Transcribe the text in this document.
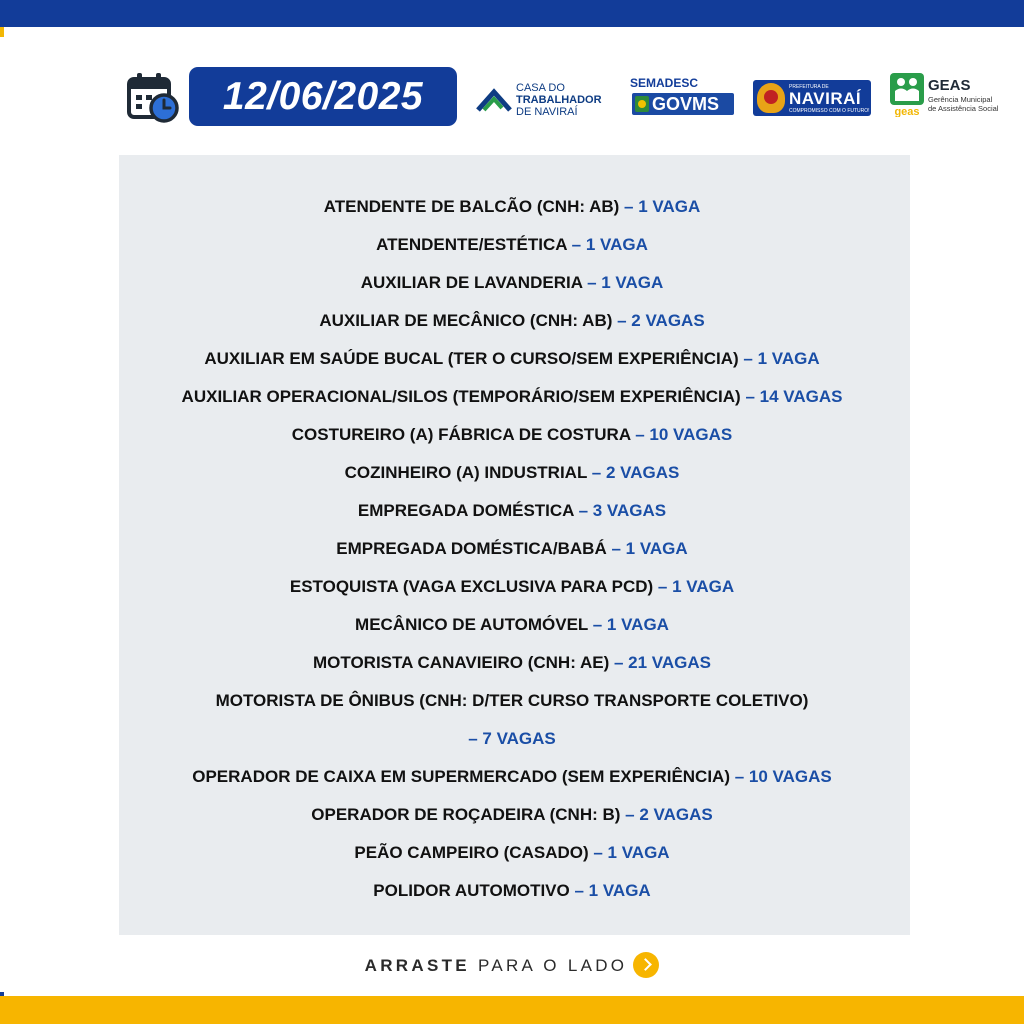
12/06/2025	CASA DO
TRABALHADOR
DE NAVIRAÍ
SEMADESC
GOVMS
PREFEITURA DE
NAVIRAÍ
COMPROMISSO COM O FUTURO! geas
GEAS
Gerência Municipal
de Assistência Social
ATENDENTE DE BALCÃO (CNH: AB) – 1 VAGA
ATENDENTE/ESTÉTICA – 1 VAGA
AUXILIAR DE LAVANDERIA – 1 VAGA
AUXILIAR DE MECÂNICO (CNH: AB) – 2 VAGAS
AUXILIAR EM SAÚDE BUCAL (TER O CURSO/SEM EXPERIÊNCIA) – 1 VAGA
AUXILIAR OPERACIONAL/SILOS (TEMPORÁRIO/SEM EXPERIÊNCIA) – 14 VAGAS
COSTUREIRO (A) FÁBRICA DE COSTURA – 10 VAGAS
COZINHEIRO (A) INDUSTRIAL – 2 VAGAS
EMPREGADA DOMÉSTICA – 3 VAGAS
EMPREGADA DOMÉSTICA/BABÁ – 1 VAGA
ESTOQUISTA (VAGA EXCLUSIVA PARA PCD) – 1 VAGA
MECÂNICO DE AUTOMÓVEL – 1 VAGA
MOTORISTA CANAVIEIRO (CNH: AE) – 21 VAGAS
MOTORISTA DE ÔNIBUS (CNH: D/TER CURSO TRANSPORTE COLETIVO)
– 7 VAGAS
OPERADOR DE CAIXA EM SUPERMERCADO (SEM EXPERIÊNCIA) – 10 VAGAS
OPERADOR DE ROÇADEIRA (CNH: B) – 2 VAGAS
PEÃO CAMPEIRO (CASADO) – 1 VAGA
POLIDOR AUTOMOTIVO – 1 VAGA
ARRASTE PARA O LADO
